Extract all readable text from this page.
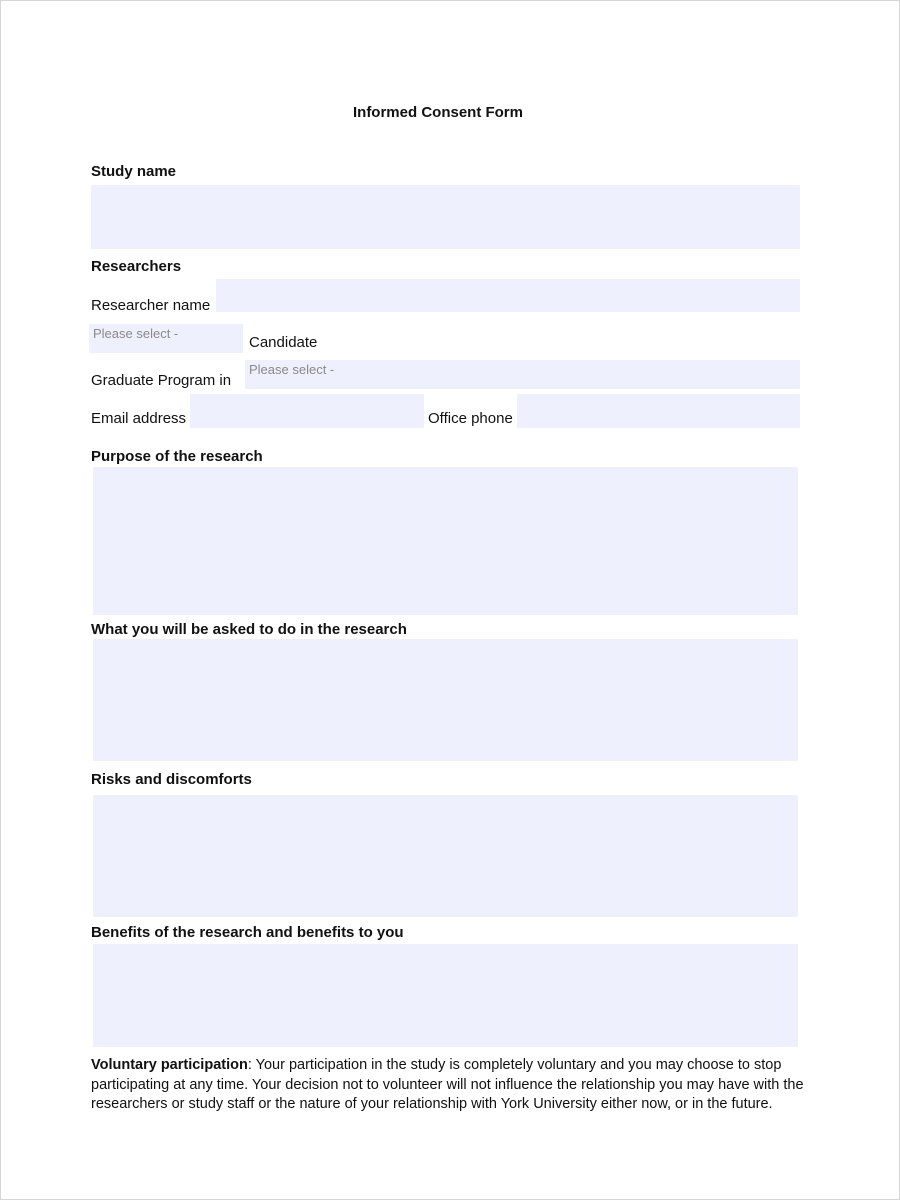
Informed Consent Form
Study name
Researchers
Researcher name
Please select -
Candidate
Graduate Program in
Please select -
Email address	Office phone
Purpose of the research
What you will be asked to do in the research
Risks and discomforts
Benefits of the research and benefits to you
Voluntary participation: Your participation in the study is completely voluntary and you may choose to stop participating at any time. Your decision not to volunteer will not influence the relationship you may have with the researchers or study staff or the nature of your relationship with York University either now, or in the future.
